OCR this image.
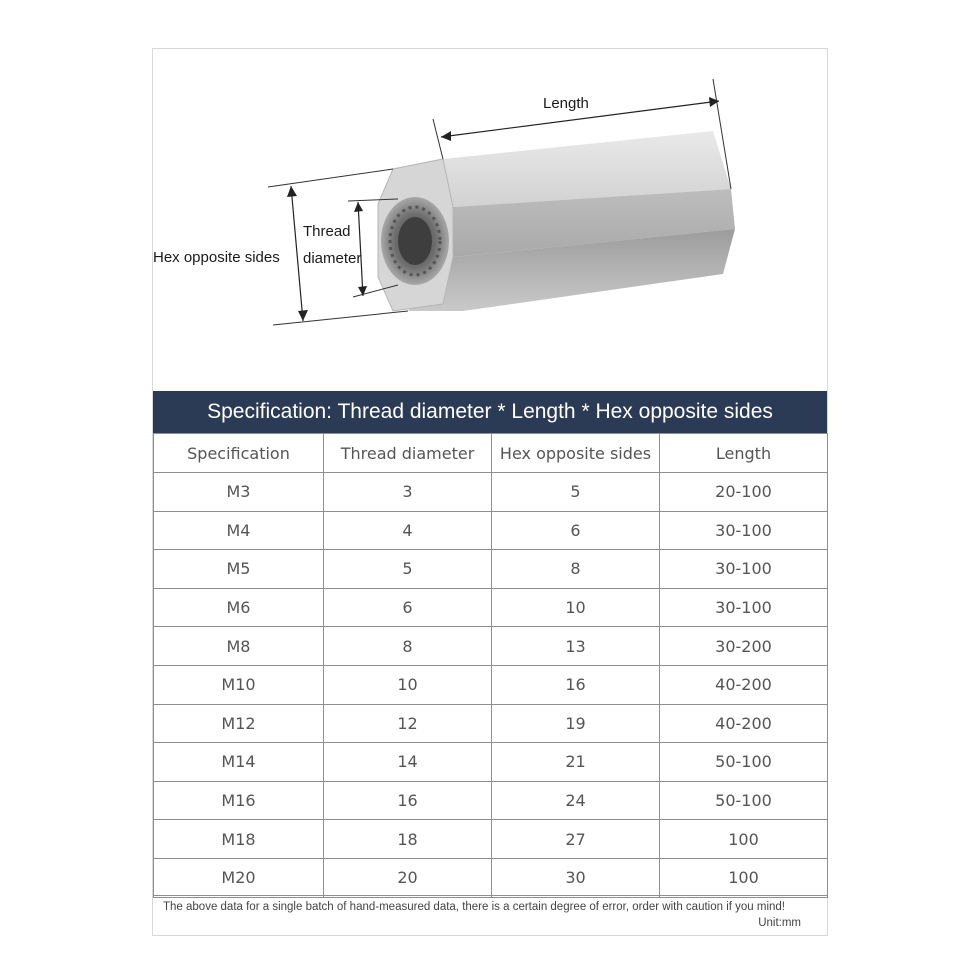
Length
Thread
diameter
Hex opposite sides
Specification: Thread diameter * Length * Hex opposite sides
Specification	Thread diameter	Hex opposite sides	Length
M3	3	5	20-100
M4	4	6	30-100
M5	5	8	30-100
M6	6	10	30-100
M8	8	13	30-200
M10	10	16	40-200
M12	12	19	40-200
M14	14	21	50-100
M16	16	24	50-100
M18	18	27	100
M20	20	30	100
The above data for a single batch of hand-measured data, there is a certain degree of error, order with caution if you mind!
Unit:mm
